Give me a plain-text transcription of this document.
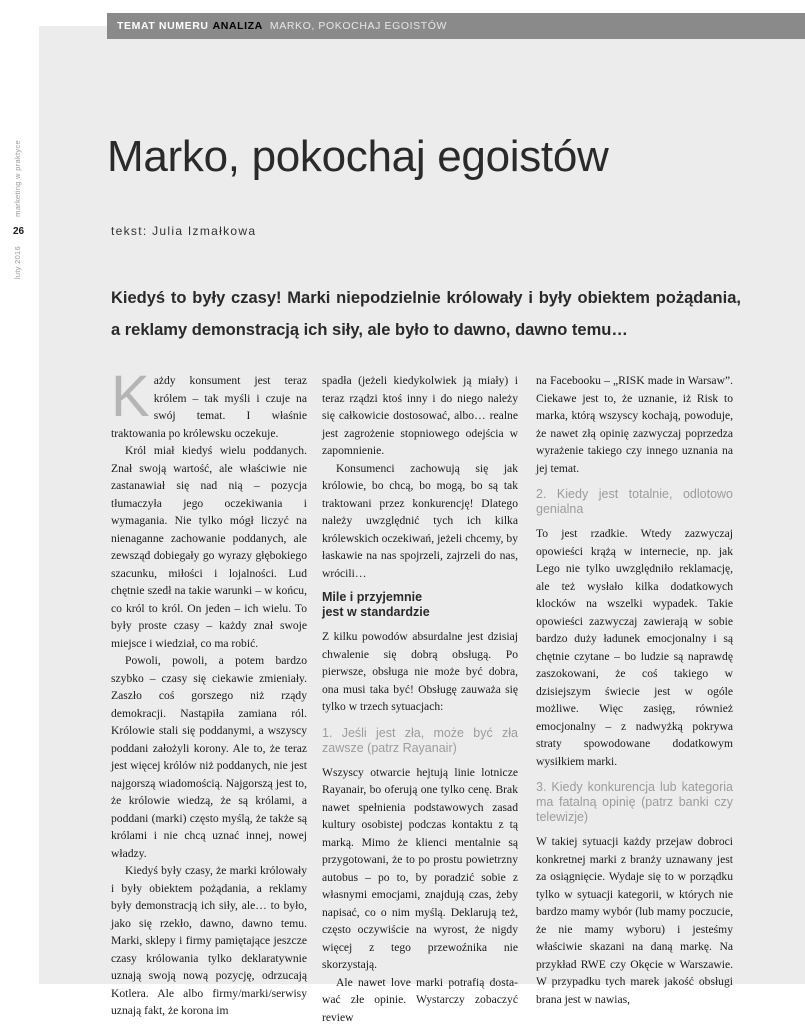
TEMAT NUMERU ANALIZA MARKO, POKOCHAJ EGOISTÓW
marketing w praktyce
luty 2016
26
Marko, pokochaj egoistów
tekst: Julia Izmałkowa

Kiedyś to były czasy! Marki niepodzielnie królowały i były obiektem pożądania, a reklamy demonstracją ich siły, ale było to dawno, dawno temu…

Każdy konsument jest teraz królem – tak myśli i czuje na swój temat. I właśnie traktowania po królewsku oczekuje.

Król miał kiedyś wielu poddanych. Znał swoją wartość, ale właściwie nie zastanawiał się nad nią – pozycja tłumaczyła jego oczekiwania i wymagania. Nie tylko mógł liczyć na nienaganne zachowanie poddanych, ale zewsząd dobiegały go wyrazy głębokiego szacunku, miłości i lojalności. Lud chętnie szedł na takie warunki – w końcu, co król to król. On jeden – ich wielu. To były proste czasy – każdy znał swoje miejsce i wiedział, co ma robić.

Powoli, powoli, a potem bardzo szybko – czasy się ciekawie zmieniały. Zaszło coś gorszego niż rządy demokracji. Nastąpiła zamiana ról. Królowie stali się poddanymi, a wszyscy poddani założyli korony. Ale to, że teraz jest więcej królów niż poddanych, nie jest najgorszą wiadomością. Najgorszą jest to, że królowie wiedzą, że są królami, a poddani (marki) często myślą, że także są królami i nie chcą uznać innej, nowej władzy.

Kiedyś były czasy, że marki królowały i były obiektem pożądania, a reklamy były demonstracją ich siły, ale… to było, jako się rzekło, dawno, dawno temu. Marki, sklepy i firmy pamiętające jeszcze czasy królowania tylko deklaratywnie uznają swoją nową pozycję, odrzucają Kotlera. Ale albo firmy/marki/serwisy uznają fakt, że korona im

spadła (jeżeli kiedykolwiek ją miały) i teraz rządzi ktoś inny i do niego należy się całkowicie dostosować, albo… realne jest zagrożenie stopniowego odejścia w zapomnienie.

Konsumenci zachowują się jak królowie, bo chcą, bo mogą, bo są tak traktowani przez konkurencję! Dlatego należy uwzględnić tych ich kilka królewskich oczekiwań, jeżeli chcemy, by łaskawie na nas spojrzeli, zajrzeli do nas, wrócili…

Mile i przyjemnie
jest w standardzie

Z kilku powodów absurdalne jest dzisiaj chwalenie się dobrą obsługą. Po pierwsze, obsługa nie może być dobra, ona musi taka być! Obsługę zauważa się tylko w trzech sytuacjach:

1. Jeśli jest zła, może być zła zawsze (patrz Rayanair)

Wszyscy otwarcie hejtują linie lotnicze Rayanair, bo oferują one tylko cenę. Brak nawet spełnienia podstawowych zasad kultury osobistej podczas kontaktu z tą marką. Mimo że klienci mentalnie są przygotowani, że to po prostu powietrzny autobus – po to, by poradzić sobie z własnymi emocjami, znajdują czas, żeby napisać, co o nim myślą. Deklarują też, często oczywiście na wyrost, że nigdy więcej z tego przewoźnika nie skorzystają.

Ale nawet love marki potrafią dostawać złe opinie. Wystarczy zobaczyć review

na Facebooku – „RISK made in Warsaw”. Ciekawe jest to, że uznanie, iż Risk to marka, którą wszyscy kochają, powoduje, że nawet złą opinię zazwyczaj poprzedza wyrażenie takiego czy innego uznania na jej temat.

2. Kiedy jest totalnie, odlotowo genialna

To jest rzadkie. Wtedy zazwyczaj opowieści krążą w internecie, np. jak Lego nie tylko uwzględniło reklamację, ale też wysłało kilka dodatkowych klocków na wszelki wypadek. Takie opowieści zazwyczaj zawierają w sobie bardzo duży ładunek emocjonalny i są chętnie czytane – bo ludzie są naprawdę zaszokowani, że coś takiego w dzisiejszym świecie jest w ogóle możliwe. Więc zasięg, również emocjonalny – z nadwyżką pokrywa straty spowodowane dodatkowym wysiłkiem marki.

3. Kiedy konkurencja lub kategoria ma fatalną opinię (patrz banki czy telewizje)

W takiej sytuacji każdy przejaw dobroci konkretnej marki z branży uznawany jest za osiągnięcie. Wydaje się to w porządku tylko w sytuacji kategorii, w których nie bardzo mamy wybór (lub mamy poczucie, że nie mamy wyboru) i jesteśmy właściwie skazani na daną markę. Na przykład RWE czy Okęcie w Warszawie. W przypadku tych marek jakość obsługi brana jest w nawias,
